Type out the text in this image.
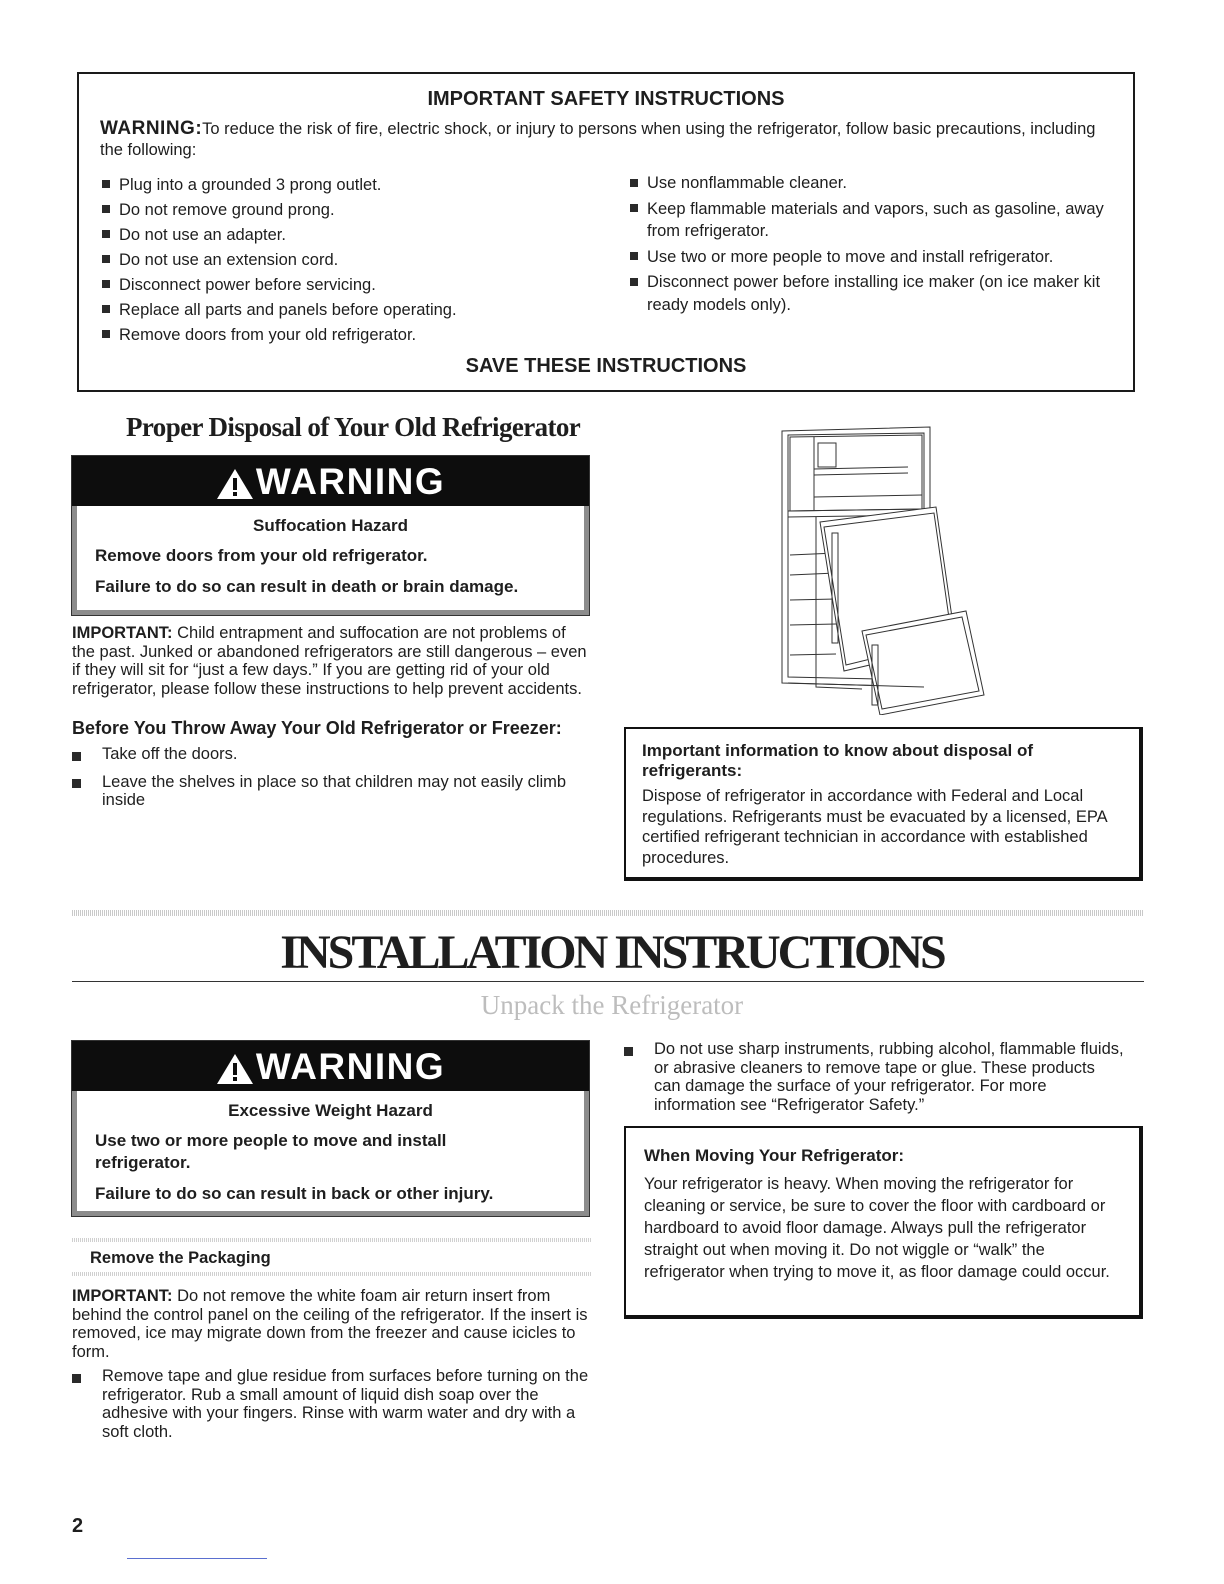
IMPORTANT SAFETY INSTRUCTIONS
WARNING:To reduce the risk of fire, electric shock, or injury to persons when using the refrigerator, follow basic precautions, including the following:
Plug into a grounded 3 prong outlet.
Do not remove ground prong.
Do not use an adapter.
Do not use an extension cord.
Disconnect power before servicing.
Replace all parts and panels before operating.
Remove doors from your old refrigerator.
Use nonflammable cleaner.
Keep flammable materials and vapors, such as gasoline, away from refrigerator.
Use two or more people to move and install refrigerator.
Disconnect power before installing ice maker (on ice maker kit ready models only).
SAVE THESE INSTRUCTIONS
Proper Disposal of Your Old Refrigerator
WARNING
Suffocation Hazard
Remove doors from your old refrigerator.
Failure to do so can result in death or brain damage.
IMPORTANT: Child entrapment and suffocation are not problems of the past. Junked or abandoned refrigerators are still dangerous – even if they will sit for “just a few days.” If you are getting rid of your old refrigerator, please follow these instructions to help prevent accidents.
Before You Throw Away Your Old Refrigerator or Freezer:
Take off the doors.
Leave the shelves in place so that children may not easily climb inside
Important information to know about disposal of refrigerants:
Dispose of refrigerator in accordance with Federal and Local regulations. Refrigerants must be evacuated by a licensed, EPA certified refrigerant technician in accordance with established procedures.
INSTALLATION INSTRUCTIONS
Unpack the Refrigerator
WARNING
Excessive Weight Hazard
Use two or more people to move and install refrigerator.
Failure to do so can result in back or other injury.
Remove the Packaging
IMPORTANT: Do not remove the white foam air return insert from behind the control panel on the ceiling of the refrigerator. If the insert is removed, ice may migrate down from the freezer and cause icicles to form.
Remove tape and glue residue from surfaces before turning on the refrigerator. Rub a small amount of liquid dish soap over the adhesive with your fingers. Rinse with warm water and dry with a soft cloth.
Do not use sharp instruments, rubbing alcohol, flammable fluids, or abrasive cleaners to remove tape or glue. These products can damage the surface of your refrigerator. For more information see “Refrigerator Safety.”
When Moving Your Refrigerator:
Your refrigerator is heavy. When moving the refrigerator for cleaning or service, be sure to cover the floor with cardboard or hardboard to avoid floor damage. Always pull the refrigerator straight out when moving it. Do not wiggle or “walk” the refrigerator when trying to move it, as floor damage could occur.
2
